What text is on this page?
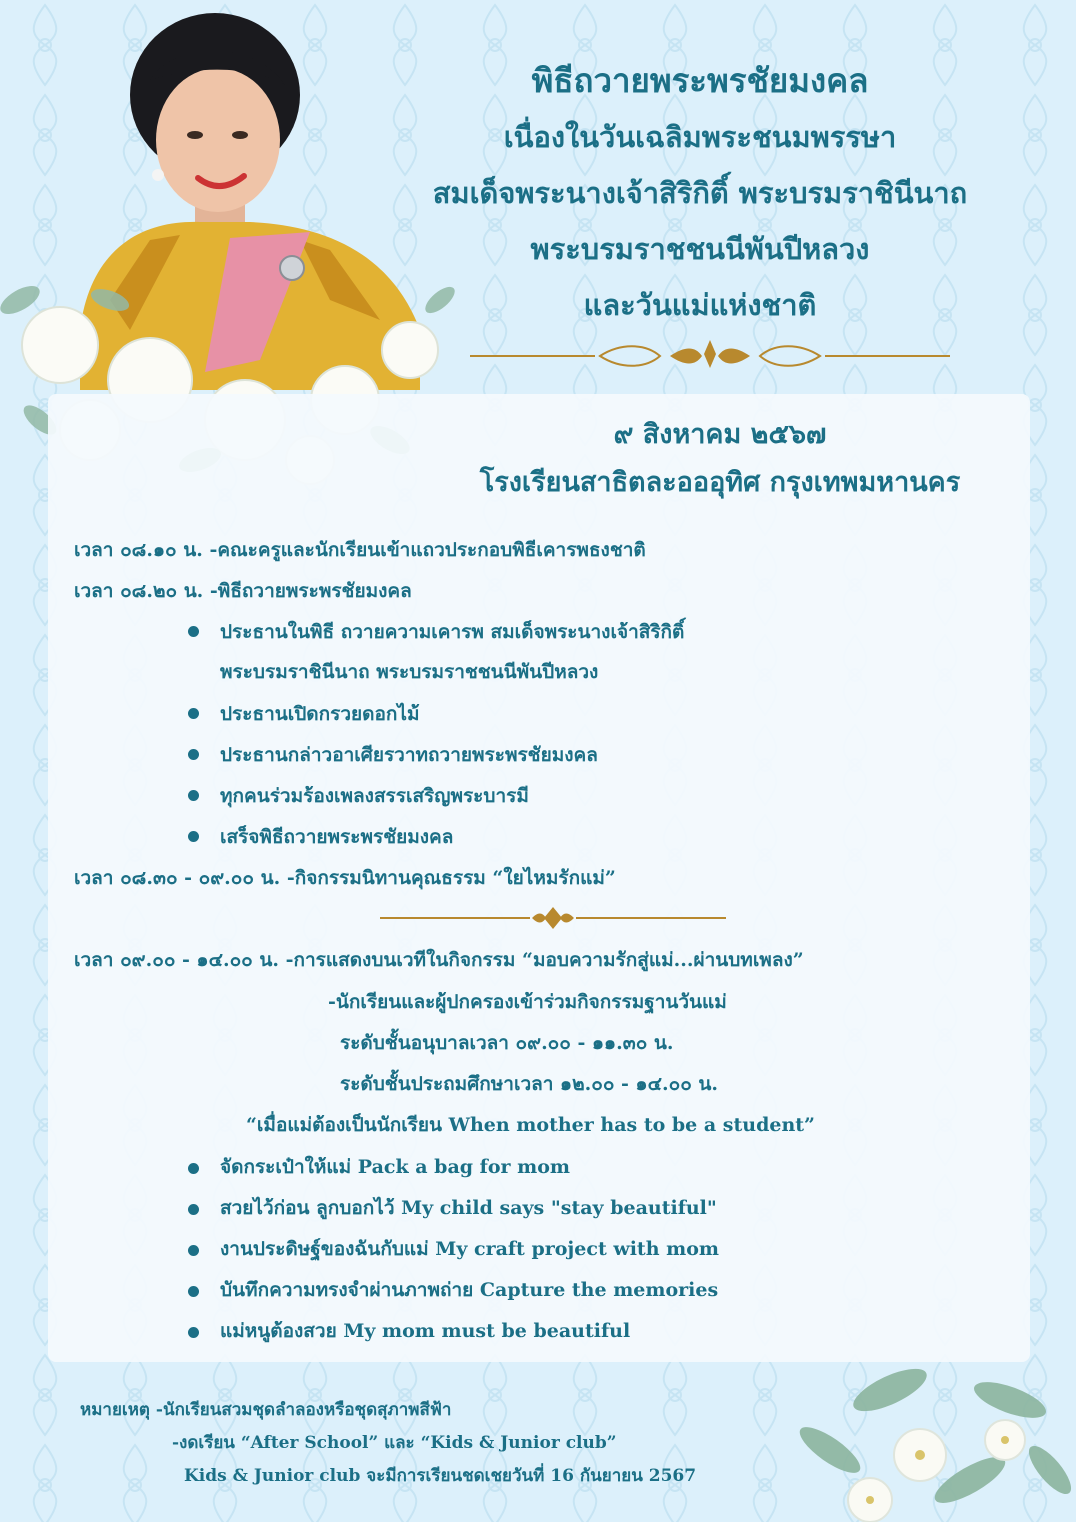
พิธีถวายพระพรชัยมงคล
เนื่องในวันเฉลิมพระชนมพรรษา
สมเด็จพระนางเจ้าสิริกิติ์ พระบรมราชินีนาถ
พระบรมราชชนนีพันปีหลวง
และวันแม่แห่งชาติ
๙ สิงหาคม ๒๕๖๗
โรงเรียนสาธิตละอออุทิศ กรุงเทพมหานคร
เวลา ๐๘.๑๐ น. -คณะครูและนักเรียนเข้าแถวประกอบพิธีเคารพธงชาติ
เวลา ๐๘.๒๐ น. -พิธีถวายพระพรชัยมงคล
ประธานในพิธี ถวายความเคารพ สมเด็จพระนางเจ้าสิริกิติ์
พระบรมราชินีนาถ พระบรมราชชนนีพันปีหลวง
ประธานเปิดกรวยดอกไม้
ประธานกล่าวอาเศียรวาทถวายพระพรชัยมงคล
ทุกคนร่วมร้องเพลงสรรเสริญพระบารมี
เสร็จพิธีถวายพระพรชัยมงคล
เวลา ๐๘.๓๐ - ๐๙.๐๐ น. -กิจกรรมนิทานคุณธรรม “ใยไหมรักแม่”
เวลา ๐๙.๐๐ - ๑๔.๐๐ น. -การแสดงบนเวทีในกิจกรรม “มอบความรักสู่แม่...ผ่านบทเพลง”
-นักเรียนและผู้ปกครองเข้าร่วมกิจกรรมฐานวันแม่
ระดับชั้นอนุบาลเวลา ๐๙.๐๐ - ๑๑.๓๐ น.
ระดับชั้นประถมศึกษาเวลา ๑๒.๐๐ - ๑๔.๐๐ น.
“เมื่อแม่ต้องเป็นนักเรียน When mother has to be a student”
จัดกระเป๋าให้แม่ Pack a bag for mom
สวยไว้ก่อน ลูกบอกไว้ My child says "stay beautiful"
งานประดิษฐ์ของฉันกับแม่ My craft project with mom
บันทึกความทรงจำผ่านภาพถ่าย Capture the memories
แม่หนูต้องสวย My mom must be beautiful
หมายเหตุ -นักเรียนสวมชุดลำลองหรือชุดสุภาพสีฟ้า
-งดเรียน “After School” และ “Kids & Junior club”
Kids & Junior club จะมีการเรียนชดเชยวันที่ 16 กันยายน 2567
